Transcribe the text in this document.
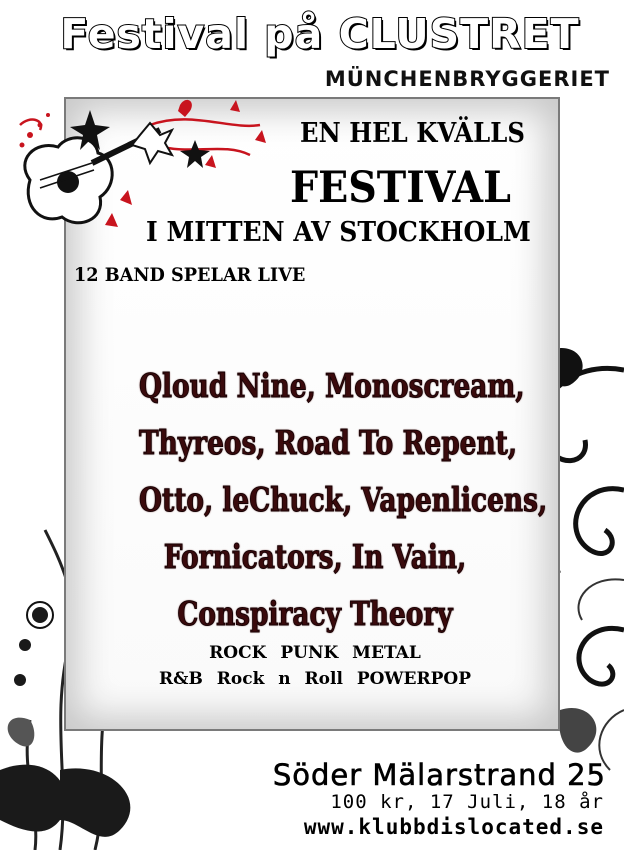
Festival på CLUSTRET
MÜNCHENBRYGGERIET
EN HEL KVÄLLS
FESTIVAL
I MITTEN AV STOCKHOLM
12 BAND SPELAR LIVE
Qloud Nine, Monoscream,
Thyreos, Road To Repent,
Otto, leChuck, Vapenlicens,
Fornicators, In Vain,
Conspiracy Theory
ROCK PUNK METAL
R&B Rock n Roll POWERPOP
Söder Mälarstrand 25
100 kr, 17 Juli, 18 år
www.klubbdislocated.se
